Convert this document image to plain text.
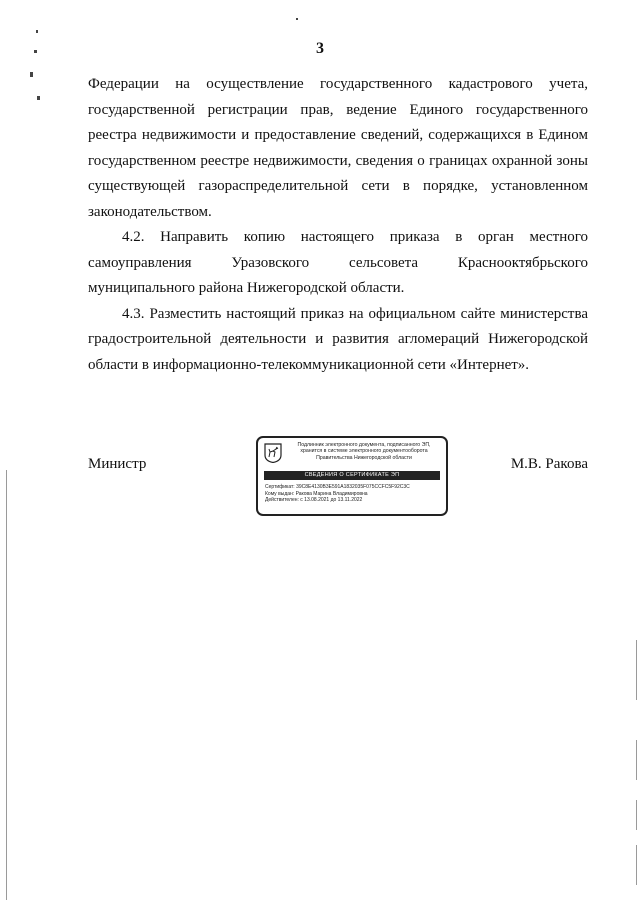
3

Федерации на осуществление государственного кадастрового учета, государственной регистрации прав, ведение Единого государственного реестра недвижимости и предоставление сведений, содержащихся в Едином государственном реестре недвижимости, сведения о границах охранной зоны существующей газораспределительной сети в порядке, установленном законодательством.

4.2. Направить копию настоящего приказа в орган местного самоуправления Уразовского сельсовета Краснооктябрьского муниципального района Нижегородской области.

4.3. Разместить настоящий приказ на официальном сайте министерства градостроительной деятельности и развития агломераций Нижегородской области в информационно-телекоммуникационной сети «Интернет».

Министр
Подлинник электронного документа, подписанного ЭП,
хранится в системе электронного документооборота
Правительства Нижегородской области
СВЕДЕНИЯ О СЕРТИФИКАТЕ ЭП
Сертификат: 39C8E4130B3E591A1832035F075CCFC5F92C3C
Кому выдан: Ракова Марина Владимировна
Действителен: с 13.08.2021 до 13.11.2022
М.В. Ракова
